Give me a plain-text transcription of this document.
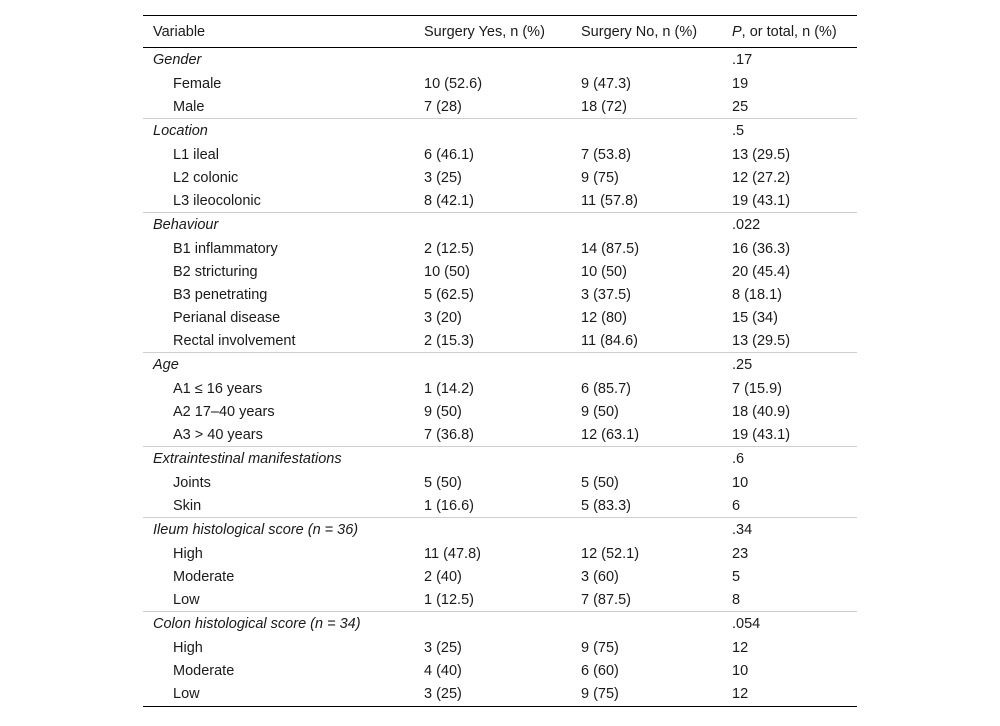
Variable	Surgery Yes, n (%)	Surgery No, n (%)	P, or total, n (%)
Gender			.17
Female	10 (52.6)	9 (47.3)	19
Male	7 (28)	18 (72)	25
Location			.5
L1 ileal	6 (46.1)	7 (53.8)	13 (29.5)
L2 colonic	3 (25)	9 (75)	12 (27.2)
L3 ileocolonic	8 (42.1)	11 (57.8)	19 (43.1)
Behaviour			.022
B1 inflammatory	2 (12.5)	14 (87.5)	16 (36.3)
B2 stricturing	10 (50)	10 (50)	20 (45.4)
B3 penetrating	5 (62.5)	3 (37.5)	8 (18.1)
Perianal disease	3 (20)	12 (80)	15 (34)
Rectal involvement	2 (15.3)	11 (84.6)	13 (29.5)
Age			.25
A1 ≤ 16 years	1 (14.2)	6 (85.7)	7 (15.9)
A2 17–40 years	9 (50)	9 (50)	18 (40.9)
A3 > 40 years	7 (36.8)	12 (63.1)	19 (43.1)
Extraintestinal manifestations			.6
Joints	5 (50)	5 (50)	10
Skin	1 (16.6)	5 (83.3)	6
Ileum histological score (n = 36)			.34
High	11 (47.8)	12 (52.1)	23
Moderate	2 (40)	3 (60)	5
Low	1 (12.5)	7 (87.5)	8
Colon histological score (n = 34)			.054
High	3 (25)	9 (75)	12
Moderate	4 (40)	6 (60)	10
Low	3 (25)	9 (75)	12
